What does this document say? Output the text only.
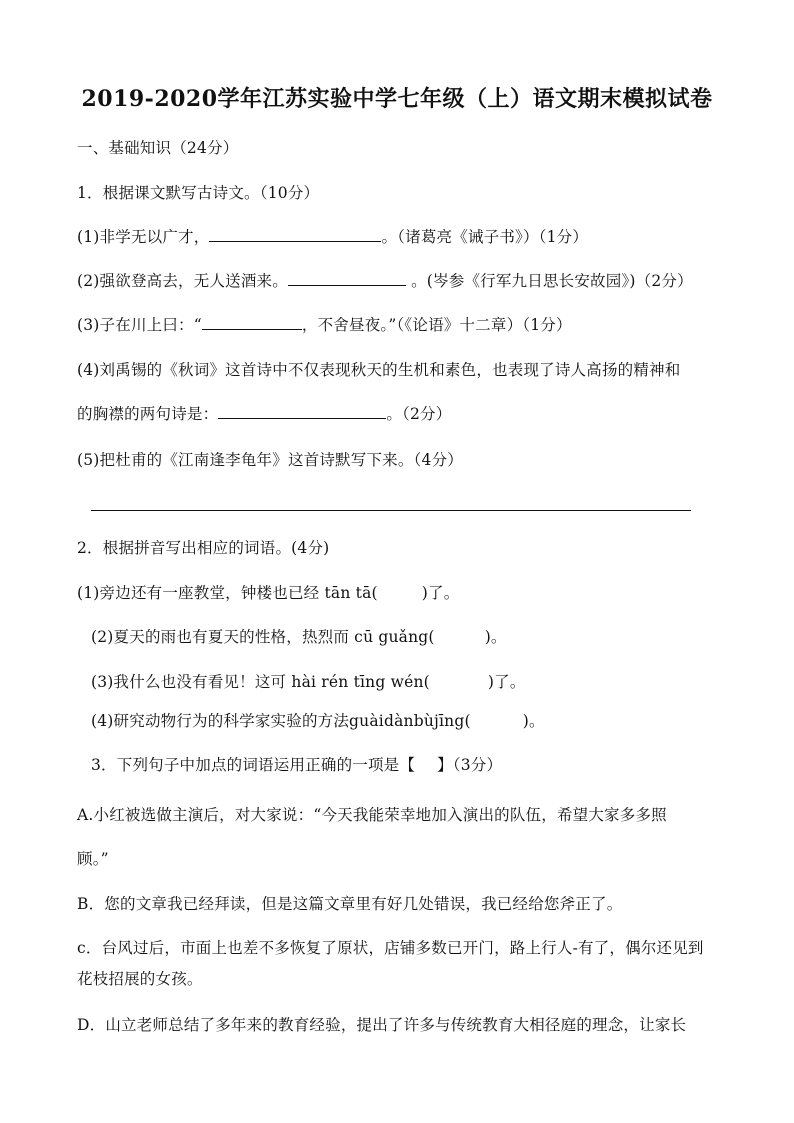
2019-2020学年江苏实验中学七年级（上）语文期末模拟试卷
一、基础知识（24分）
1．根据课文默写古诗文。（10分）
(1)非学无以广才，	。（诸葛亮《诫子书》）（1分）
(2)强欲登高去，无人送酒来。	。(岑参《行军九日思长安故园》)（2分）
(3)子在川上曰：“	，不舍昼夜。”（《论语》十二章）（1分）
(4)刘禹锡的《秋词》这首诗中不仅表现秋天的生机和素色，也表现了诗人高扬的精神和
的胸襟的两句诗是：	。（2分）
(5)把杜甫的《江南逢李龟年》这首诗默写下来。（4分）
2．根据拼音写出相应的词语。(4分)
(1)旁边还有一座教堂，钟楼也已经 tān tā(	)了。
(2)夏天的雨也有夏天的性格，热烈而 cū guǎng(	)。
(3)我什么也没有看见！这可 hài rén tīng wén(	)了。
(4)研究动物行为的科学家实验的方法guàidànbùjīng(	)。
3．下列句子中加点的词语运用正确的一项是【 】（3分）
A.小红被选做主演后，对大家说：“今天我能荣幸地加入演出的队伍，希望大家多多照
顾。”
B．您的文章我已经拜读，但是这篇文章里有好几处错误，我已经给您斧正了。
c．台风过后，市面上也差不多恢复了原状，店铺多数已开门，路上行人-有了，偶尔还见到
花枝招展的女孩。
D．山立老师总结了多年来的教育经验，提出了许多与传统教育大相径庭的理念，让家长
